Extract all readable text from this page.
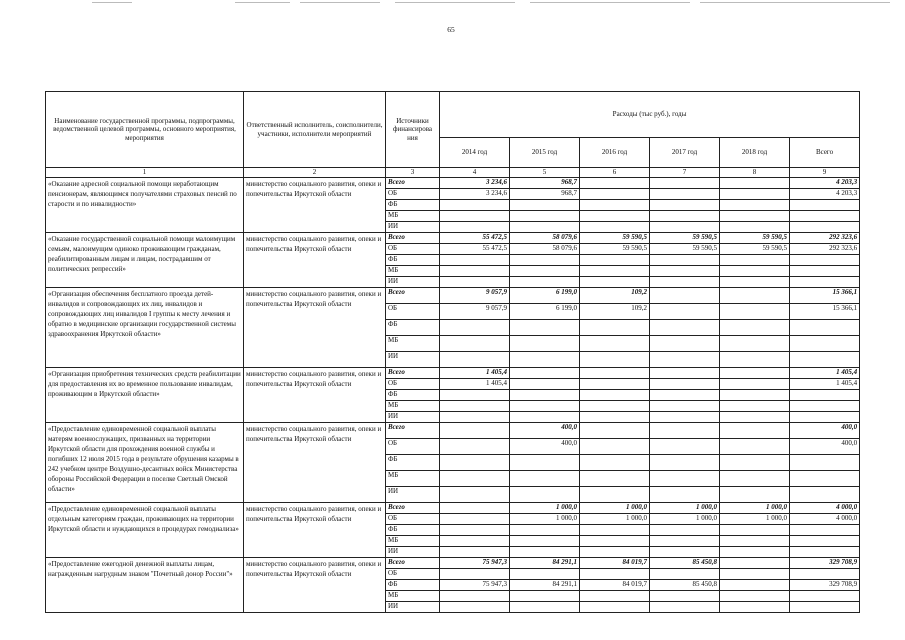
65
Наименование государственной программы, подпрограммы, ведомственной целевой программы, основного мероприятия, мероприятия	Ответственный исполнитель, соисполнители, участники, исполнители мероприятий	Источники финансирова ния	Расходы (тыс руб.), годы					
			2014 год	2015 год	2016 год	2017 год	2018 год	Всего
1	2	3	4	5	6	7	8	9
«Оказание адресной социальной помощи неработающим пенсионерам, являющимся получателями страховых пенсий по старости и по инвалидности»	министерство социального развития, опеки и попечительства Иркутской области	Всего	3 234,6	968,7				4 203,3
		ОБ	3 234,6	968,7				4 203,3
		ФБ						
		МБ						
		ИИ						
«Оказание государственной социальной помощи малоимущим семьям, малоимущим одиноко проживающим гражданам, реабилитированным лицам и лицам, пострадавшим от политических репрессий»	министерство социального развития, опеки и попечительства Иркутской области	Всего	55 472,5	58 079,6	59 590,5	59 590,5	59 590,5	292 323,6
		ОБ	55 472,5	58 079,6	59 590,5	59 590,5	59 590,5	292 323,6
		ФБ						
		МБ						
		ИИ						
«Организация обеспечения бесплатного проезда детей-инвалидов и сопровождающих их лиц, инвалидов и сопровождающих лиц инвалидов I группы к месту лечения и обратно в медицинские организации государственной системы здравоохранения Иркутской области»	министерство социального развития, опеки и попечительства Иркутской области	Всего	9 057,9	6 199,0	109,2			15 366,1
		ОБ	9 057,9	6 199,0	109,2			15 366,1
		ФБ						
		МБ						
		ИИ						
«Организация приобретения технических средств реабилитации для предоставления их во временное пользование инвалидам, проживающим в Иркутской области»	министерство социального развития, опеки и попечительства Иркутской области	Всего	1 405,4					1 405,4
		ОБ	1 405,4					1 405,4
		ФБ						
		МБ						
		ИИ						
«Предоставление единовременной социальной выплаты матерям военнослужащих, призванных на территории Иркутской области для прохождения военной службы и погибших 12 июля 2015 года в результате обрушения казармы в 242 учебном центре Воздушно-десантных войск Министерства обороны Российской Федерации в поселке Светлый Омской области»	министерство социального развития, опеки и попечительства Иркутской области	Всего		400,0				400,0
		ОБ		400,0				400,0
		ФБ						
		МБ						
		ИИ						
«Предоставление единовременной социальной выплаты отдельным категориям граждан, проживающих на территории Иркутской области и нуждающихся в процедурах гемодиализа»	министерство социального развития, опеки и попечительства Иркутской области	Всего		1 000,0	1 000,0	1 000,0	1 000,0	4 000,0
		ОБ		1 000,0	1 000,0	1 000,0	1 000,0	4 000,0
		ФБ						
		МБ						
		ИИ						
«Предоставление ежегодной денежной выплаты лицам, награжденным нагрудным знаком "Почетный донор России"»	министерство социального развития, опеки и попечительства Иркутской области	Всего	75 947,3	84 291,1	84 019,7	85 450,8		329 708,9
		ОБ						
		ФБ	75 947,3	84 291,1	84 019,7	85 450,8		329 708,9
		МБ						
		ИИ						
